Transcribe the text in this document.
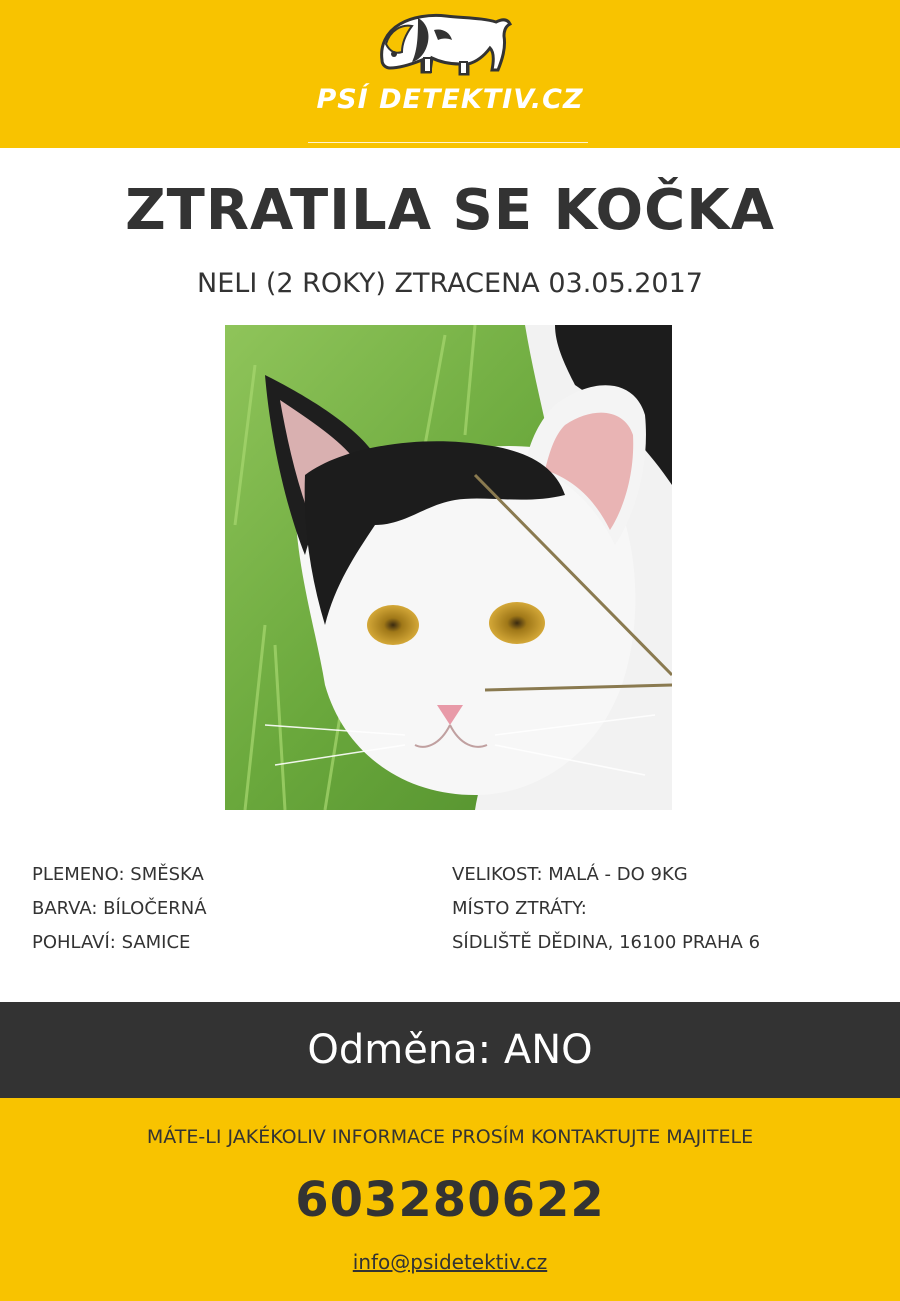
PSÍ DETEKTIV.CZ
ZTRATILA SE KOČKA
NELI (2 ROKY) ZTRACENA 03.05.2017
PLEMENO: SMĚSKA
BARVA: BÍLOČERNÁ
POHLAVÍ: SAMICE
VELIKOST: MALÁ - DO 9KG
MÍSTO ZTRÁTY:
SÍDLIŠTĚ DĚDINA, 16100 PRAHA 6
Odměna: ANO
MÁTE-LI JAKÉKOLIV INFORMACE PROSÍM KONTAKTUJTE MAJITELE
603280622
info@psidetektiv.cz
